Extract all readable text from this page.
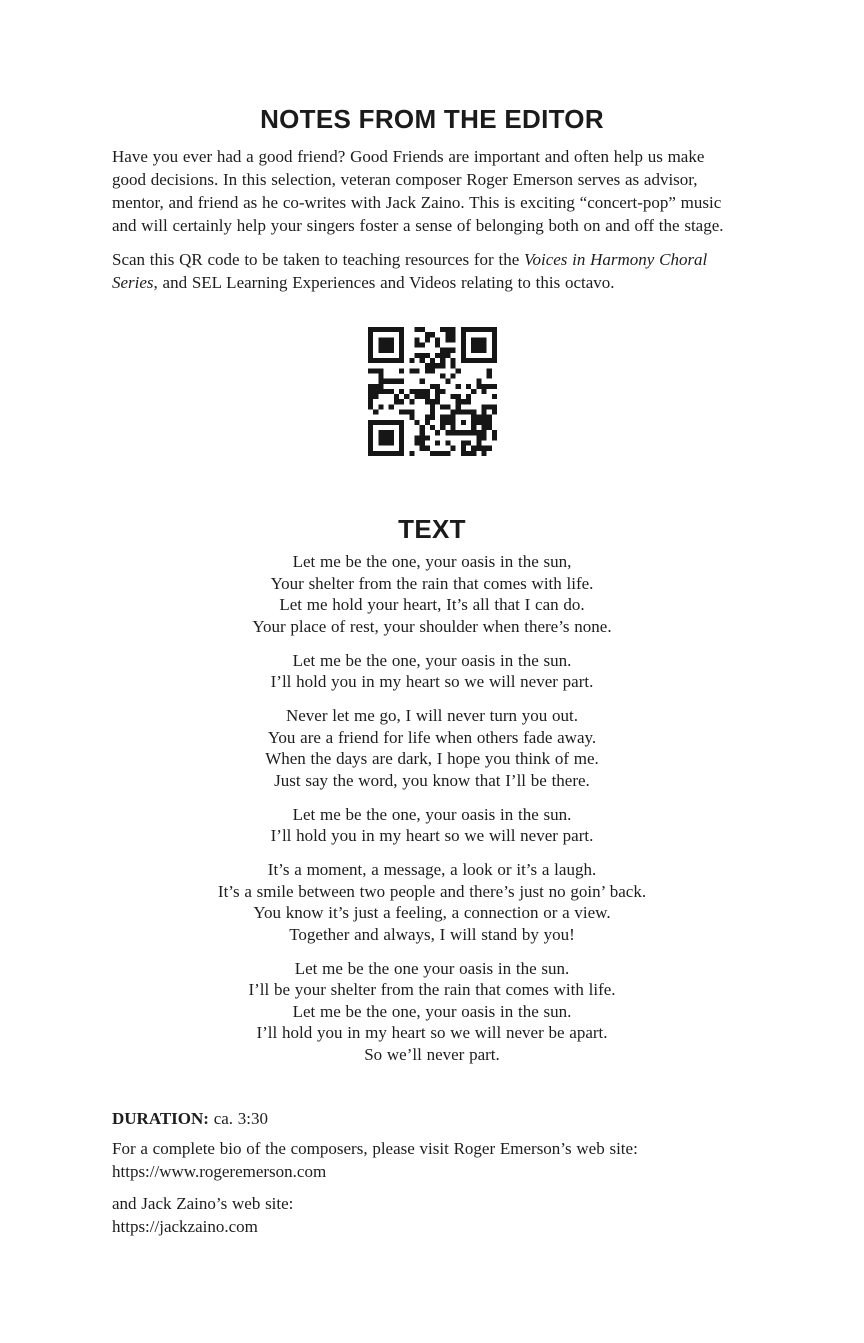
NOTES FROM THE EDITOR

Have you ever had a good friend? Good Friends are important and often help us make
good decisions. In this selection, veteran composer Roger Emerson serves as advisor,
mentor, and friend as he co-writes with Jack Zaino. This is exciting “concert-pop” music
and will certainly help your singers foster a sense of belonging both on and off the stage.

Scan this QR code to be taken to teaching resources for the Voices in Harmony Choral
Series, and SEL Learning Experiences and Videos relating to this octavo.

TEXT

Let me be the one, your oasis in the sun,
Your shelter from the rain that comes with life.
Let me hold your heart, It’s all that I can do.
Your place of rest, your shoulder when there’s none.

Let me be the one, your oasis in the sun.
I’ll hold you in my heart so we will never part.

Never let me go, I will never turn you out.
You are a friend for life when others fade away.
When the days are dark, I hope you think of me.
Just say the word, you know that I’ll be there.

Let me be the one, your oasis in the sun.
I’ll hold you in my heart so we will never part.

It’s a moment, a message, a look or it’s a laugh.
It’s a smile between two people and there’s just no goin’ back.
You know it’s just a feeling, a connection or a view.
Together and always, I will stand by you!

Let me be the one your oasis in the sun.
I’ll be your shelter from the rain that comes with life.
Let me be the one, your oasis in the sun.
I’ll hold you in my heart so we will never be apart.
So we’ll never part.

DURATION: ca. 3:30

For a complete bio of the composers, please visit Roger Emerson’s web site:
https://www.rogeremerson.com

and Jack Zaino’s web site:
https://jackzaino.com
